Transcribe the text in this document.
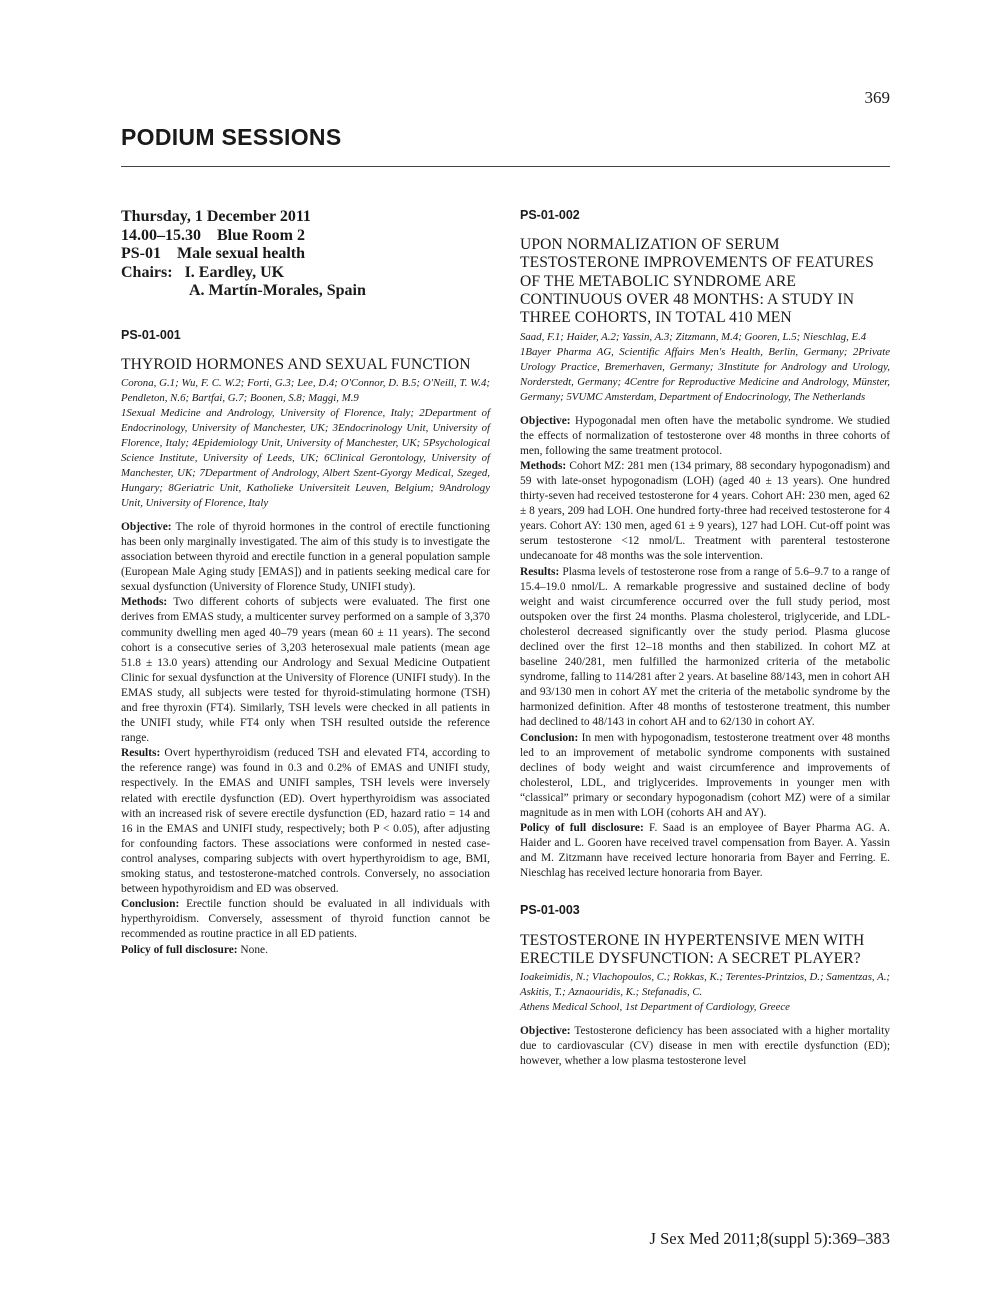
369
PODIUM SESSIONS
Thursday, 1 December 2011
14.00–15.30    Blue Room 2
PS-01    Male sexual health
Chairs: I. Eardley, UK
A. Martín-Morales, Spain
PS-01-001
THYROID HORMONES AND SEXUAL FUNCTION
Corona, G.1; Wu, F. C. W.2; Forti, G.3; Lee, D.4; O'Connor, D. B.5; O'Neill, T. W.4; Pendleton, N.6; Bartfai, G.7; Boonen, S.8; Maggi, M.9
1Sexual Medicine and Andrology, University of Florence, Italy; 2Department of Endocrinology, University of Manchester, UK; 3Endocrinology Unit, University of Florence, Italy; 4Epidemiology Unit, University of Manchester, UK; 5Psychological Science Institute, University of Leeds, UK; 6Clinical Gerontology, University of Manchester, UK; 7Department of Andrology, Albert Szent-Gyorgy Medical, Szeged, Hungary; 8Geriatric Unit, Katholieke Universiteit Leuven, Belgium; 9Andrology Unit, University of Florence, Italy

Objective: The role of thyroid hormones in the control of erectile functioning has been only marginally investigated. The aim of this study is to investigate the association between thyroid and erectile function in a general population sample (European Male Aging study [EMAS]) and in patients seeking medical care for sexual dysfunction (University of Florence Study, UNIFI study).

Methods: Two different cohorts of subjects were evaluated. The first one derives from EMAS study, a multicenter survey performed on a sample of 3,370 community dwelling men aged 40–79 years (mean 60 ± 11 years). The second cohort is a consecutive series of 3,203 heterosexual male patients (mean age 51.8 ± 13.0 years) attending our Andrology and Sexual Medicine Outpatient Clinic for sexual dysfunction at the University of Florence (UNIFI study). In the EMAS study, all subjects were tested for thyroid-stimulating hormone (TSH) and free thyroxin (FT4). Similarly, TSH levels were checked in all patients in the UNIFI study, while FT4 only when TSH resulted outside the reference range.

Results: Overt hyperthyroidism (reduced TSH and elevated FT4, according to the reference range) was found in 0.3 and 0.2% of EMAS and UNIFI study, respectively. In the EMAS and UNIFI samples, TSH levels were inversely related with erectile dysfunction (ED). Overt hyperthyroidism was associated with an increased risk of severe erectile dysfunction (ED, hazard ratio = 14 and 16 in the EMAS and UNIFI study, respectively; both P < 0.05), after adjusting for confounding factors. These associations were conformed in nested case-control analyses, comparing subjects with overt hyperthyroidism to age, BMI, smoking status, and testosterone-matched controls. Conversely, no association between hypothyroidism and ED was observed.

Conclusion: Erectile function should be evaluated in all individuals with hyperthyroidism. Conversely, assessment of thyroid function cannot be recommended as routine practice in all ED patients.

Policy of full disclosure: None.

PS-01-002
UPON NORMALIZATION OF SERUM TESTOSTERONE IMPROVEMENTS OF FEATURES OF THE METABOLIC SYNDROME ARE CONTINUOUS OVER 48 MONTHS: A STUDY IN THREE COHORTS, IN TOTAL 410 MEN
Saad, F.1; Haider, A.2; Yassin, A.3; Zitzmann, M.4; Gooren, L.5; Nieschlag, E.4
1Bayer Pharma AG, Scientific Affairs Men's Health, Berlin, Germany; 2Private Urology Practice, Bremerhaven, Germany; 3Institute for Andrology and Urology, Norderstedt, Germany; 4Centre for Reproductive Medicine and Andrology, Münster, Germany; 5VUMC Amsterdam, Department of Endocrinology, The Netherlands

Objective: Hypogonadal men often have the metabolic syndrome. We studied the effects of normalization of testosterone over 48 months in three cohorts of men, following the same treatment protocol.

Methods: Cohort MZ: 281 men (134 primary, 88 secondary hypogonadism) and 59 with late-onset hypogonadism (LOH) (aged 40 ± 13 years). One hundred thirty-seven had received testosterone for 4 years. Cohort AH: 230 men, aged 62 ± 8 years, 209 had LOH. One hundred forty-three had received testosterone for 4 years. Cohort AY: 130 men, aged 61 ± 9 years), 127 had LOH. Cut-off point was serum testosterone <12 nmol/L. Treatment with parenteral testosterone undecanoate for 48 months was the sole intervention.

Results: Plasma levels of testosterone rose from a range of 5.6–9.7 to a range of 15.4–19.0 nmol/L. A remarkable progressive and sustained decline of body weight and waist circumference occurred over the full study period, most outspoken over the first 24 months. Plasma cholesterol, triglyceride, and LDL-cholesterol decreased significantly over the study period. Plasma glucose declined over the first 12–18 months and then stabilized. In cohort MZ at baseline 240/281, men fulfilled the harmonized criteria of the metabolic syndrome, falling to 114/281 after 2 years. At baseline 88/143, men in cohort AH and 93/130 men in cohort AY met the criteria of the metabolic syndrome by the harmonized definition. After 48 months of testosterone treatment, this number had declined to 48/143 in cohort AH and to 62/130 in cohort AY.

Conclusion: In men with hypogonadism, testosterone treatment over 48 months led to an improvement of metabolic syndrome components with sustained declines of body weight and waist circumference and improvements of cholesterol, LDL, and triglycerides. Improvements in younger men with “classical” primary or secondary hypogonadism (cohort MZ) were of a similar magnitude as in men with LOH (cohorts AH and AY).

Policy of full disclosure: F. Saad is an employee of Bayer Pharma AG. A. Haider and L. Gooren have received travel compensation from Bayer. A. Yassin and M. Zitzmann have received lecture honoraria from Bayer and Ferring. E. Nieschlag has received lecture honoraria from Bayer.

PS-01-003
TESTOSTERONE IN HYPERTENSIVE MEN WITH ERECTILE DYSFUNCTION: A SECRET PLAYER?
Ioakeimidis, N.; Vlachopoulos, C.; Rokkas, K.; Terentes-Printzios, D.; Samentzas, A.; Askitis, T.; Aznaouridis, K.; Stefanadis, C.
Athens Medical School, 1st Department of Cardiology, Greece

Objective: Testosterone deficiency has been associated with a higher mortality due to cardiovascular (CV) disease in men with erectile dysfunction (ED); however, whether a low plasma testosterone level

J Sex Med 2011;8(suppl 5):369–383
